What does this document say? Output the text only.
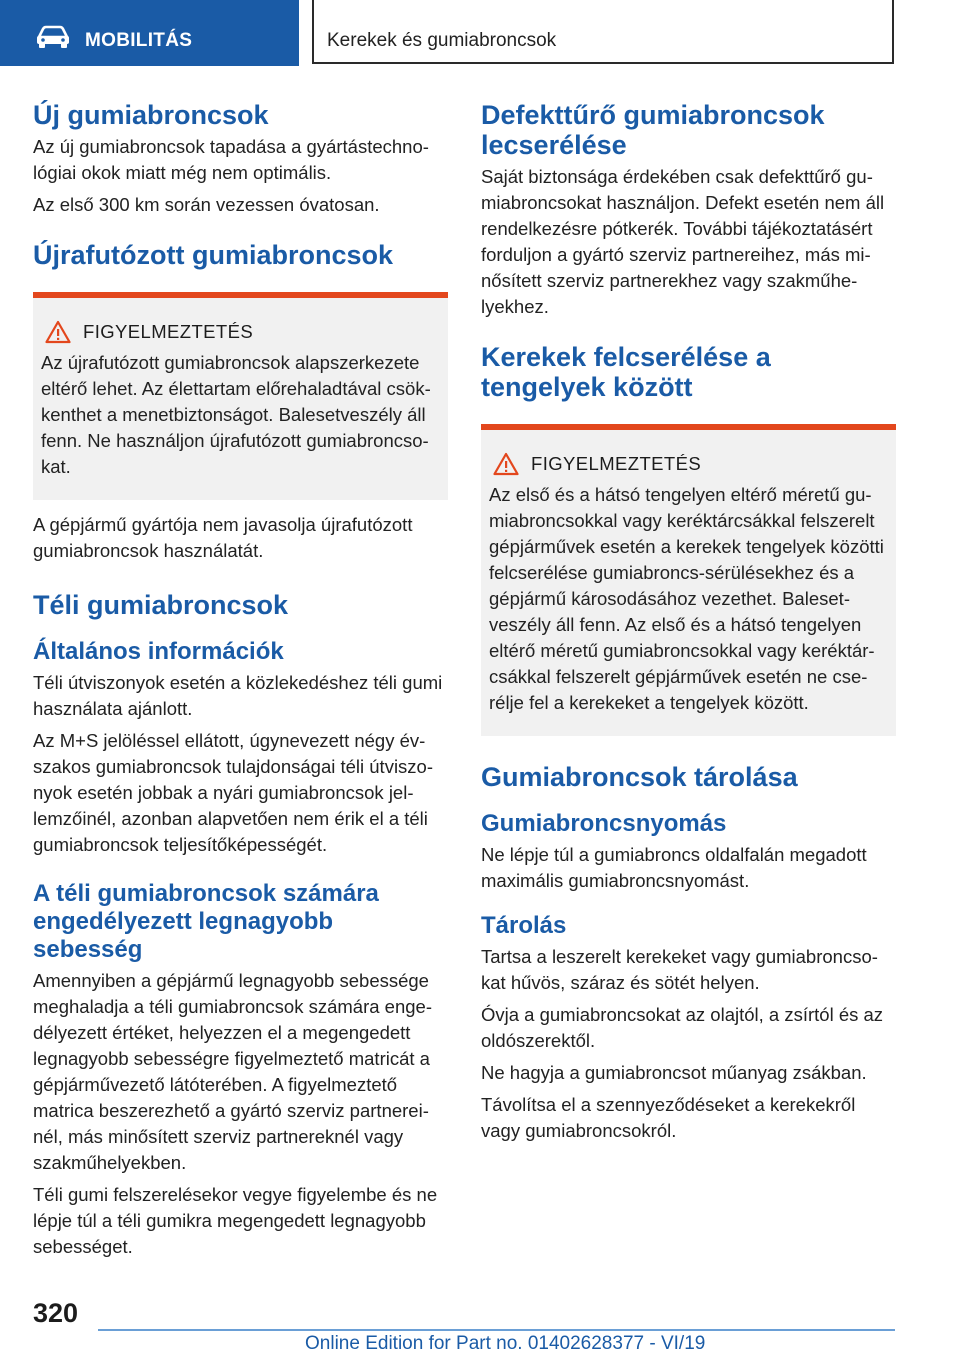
MOBILITÁS	Kerekek és gumiabroncsok
Új gumiabroncsok

Az új gumiabroncsok tapadása a gyártástechnológiai okok miatt még nem optimális.

Az első 300 km során vezessen óvatosan.

Újrafutózott gumiabroncsok
FIGYELMEZTETÉS

Az újrafutózott gumiabroncsok alapszerkezete eltérő lehet. Az élettartam előrehaladtával csökkenthet a menetbiztonságot. Balesetveszély áll fenn. Ne használjon újrafutózott gumiabroncsokat.

A gépjármű gyártója nem javasolja újrafutózott gumiabroncsok használatát.

Téli gumiabroncsok
Általános információk

Téli útviszonyok esetén a közlekedéshez téli gumi használata ajánlott.

Az M+S jelöléssel ellátott, úgynevezett négy évszakos gumiabroncsok tulajdonságai téli útviszonyok esetén jobbak a nyári gumiabroncsok jellemzőinél, azonban alapvetően nem érik el a téli gumiabroncsok teljesítőképességét.

A téli gumiabroncsok számára engedélyezett legnagyobb sebesség

Amennyiben a gépjármű legnagyobb sebessége meghaladja a téli gumiabroncsok számára engedélyezett értéket, helyezzen el a megengedett legnagyobb sebességre figyelmeztető matricát a gépjárművezető látóterében. A figyelmeztető matrica beszerezhető a gyártó szerviz partnereinél, más minősített szerviz partnereknél vagy szakműhelyekben.

Téli gumi felszerelésekor vegye figyelembe és ne lépje túl a téli gumikra megengedett legnagyobb sebességet.

Defekttűrő gumiabroncsok lecserélése

Saját biztonsága érdekében csak defekttűrő gumiabroncsokat használjon. Defekt esetén nem áll rendelkezésre pótkerék. További tájékoztatásért forduljon a gyártó szerviz partnereihez, más minősített szerviz partnerekhez vagy szakműhelyekhez.

Kerekek felcserélése a tengelyek között
FIGYELMEZTETÉS

Az első és a hátsó tengelyen eltérő méretű gumiabroncsokkal vagy keréktárcsákkal felszerelt gépjárművek esetén a kerekek tengelyek közötti felcserélése gumiabroncs-sérülésekhez és a gépjármű károsodásához vezethet. Balesetveszély áll fenn. Az első és a hátsó tengelyen eltérő méretű gumiabroncsokkal vagy keréktárcsákkal felszerelt gépjárművek esetén ne cserélje fel a kerekeket a tengelyek között.

Gumiabroncsok tárolása
Gumiabroncsnyomás

Ne lépje túl a gumiabroncs oldalfalán megadott maximális gumiabroncsnyomást.

Tárolás

Tartsa a leszerelt kerekeket vagy gumiabroncsokat hűvös, száraz és sötét helyen.

Óvja a gumiabroncsokat az olajtól, a zsírtól és az oldószerektől.

Ne hagyja a gumiabroncsot műanyag zsákban.

Távolítsa el a szennyeződéseket a kerekekről vagy gumiabroncsokról.

320
Online Edition for Part no. 01402628377 - VI/19
